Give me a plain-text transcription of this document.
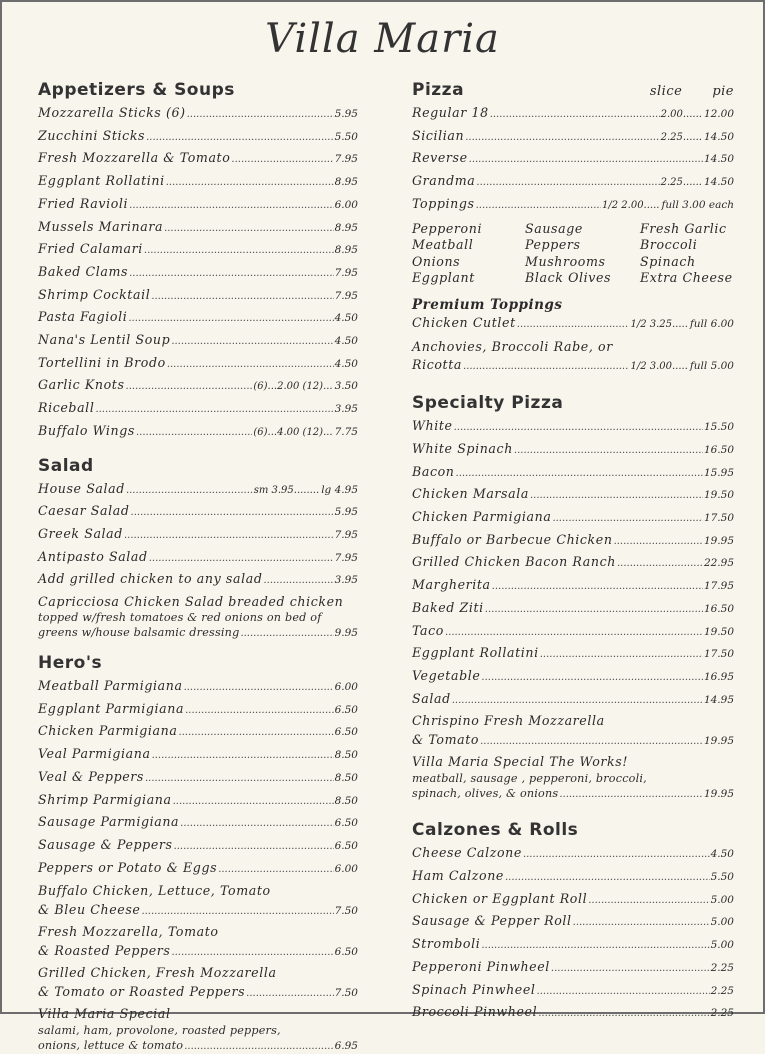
Villa Maria
Appetizers & Soups
Mozzarella Sticks (6) .....	5.95
Zucchini Sticks .....	5.50
Fresh Mozzarella & Tomato .....	7.95
Eggplant Rollatini .....	8.95
Fried Ravioli .....	6.00
Mussels Marinara .....	8.95
Fried Calamari .....	8.95
Baked Clams .....	7.95
Shrimp Cocktail .....	7.95
Pasta Fagioli .....	4.50
Nana's Lentil Soup .....	4.50
Tortellini in Brodo .....	4.50
Garlic Knots .....	(6)...2.00 (12)... 3.50
Riceball .....	3.95
Buffalo Wings .....	(6)...4.00 (12)... 7.75
Salad
House Salad .....	sm 3.95........ lg 4.95
Caesar Salad .....	5.95
Greek Salad .....	7.95
Antipasto Salad .....	7.95
Add grilled chicken to any salad .....	3.95
Capricciosa Chicken Salad breaded chicken
topped w/fresh tomatoes & red onions on bed of
greens w/house balsamic dressing .....	9.95
Hero's
Meatball Parmigiana .....	6.00
Eggplant Parmigiana .....	6.50
Chicken Parmigiana .....	6.50
Veal Parmigiana .....	8.50
Veal & Peppers .....	8.50
Shrimp Parmigiana .....	8.50
Sausage Parmigiana .....	6.50
Sausage & Peppers .....	6.50
Peppers or Potato & Eggs .....	6.00
Buffalo Chicken, Lettuce, Tomato
& Bleu Cheese .....	7.50
Fresh Mozzarella, Tomato
& Roasted Peppers .....	6.50
Grilled Chicken, Fresh Mozzarella
& Tomato or Roasted Peppers .....	7.50
Villa Maria Special
salami, ham, provolone, roasted peppers,
onions, lettuce & tomato .....	6.95
Pizza	slice pie
Regular 18 .....	2.00...... 12.00
Sicilian .....	2.25...... 14.50
Reverse .....	14.50
Grandma .....	2.25...... 14.50
Toppings .....	1/2 2.00..... full 3.00 each
Pepperoni	Sausage	Fresh Garlic
Meatball	Peppers	Broccoli
Onions	Mushrooms	Spinach
Eggplant	Black Olives	Extra Cheese
Premium Toppings
Chicken Cutlet .....	1/2 3.25..... full 6.00
Anchovies, Broccoli Rabe, or
Ricotta .....	1/2 3.00..... full 5.00
Specialty Pizza
White .....	15.50
White Spinach .....	16.50
Bacon .....	15.95
Chicken Marsala .....	19.50
Chicken Parmigiana .....	17.50
Buffalo or Barbecue Chicken .....	19.95
Grilled Chicken Bacon Ranch .....	22.95
Margherita .....	17.95
Baked Ziti .....	16.50
Taco .....	19.50
Eggplant Rollatini .....	17.50
Vegetable .....	16.95
Salad .....	14.95
Chrispino Fresh Mozzarella
& Tomato .....	19.95
Villa Maria Special The Works!
meatball, sausage , pepperoni, broccoli,
spinach, olives, & onions .....	19.95
Calzones & Rolls
Cheese Calzone .....	4.50
Ham Calzone .....	5.50
Chicken or Eggplant Roll .....	5.00
Sausage & Pepper Roll .....	5.00
Stromboli .....	5.00
Pepperoni Pinwheel .....	2.25
Spinach Pinwheel .....	2.25
Broccoli Pinwheel .....	2.25
